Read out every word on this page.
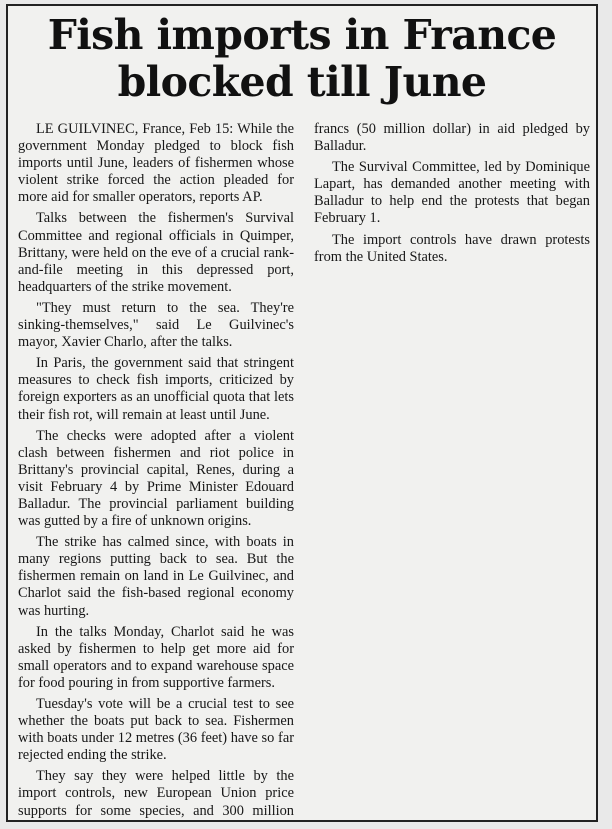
Fish imports in France
blocked till June

LE GUILVINEC, France, Feb 15: While the government Monday pledged to block fish imports until June, leaders of fishermen whose violent strike forced the action pleaded for more aid for smaller operators, reports AP.

Talks between the fishermen's Survival Committee and regional officials in Quimper, Brittany, were held on the eve of a crucial rank-and-file meeting in this depressed port, headquarters of the strike movement.

"They must return to the sea. They're sinking-themselves," said Le Guilvinec's mayor, Xavier Charlo, after the talks.

In Paris, the government said that stringent measures to check fish imports, criticized by foreign exporters as an unofficial quota that lets their fish rot, will remain at least until June.

The checks were adopted after a violent clash between fishermen and riot police in Brittany's provincial capital, Renes, during a visit February 4 by Prime Minister Edouard Balladur. The provincial parliament building was gutted by a fire of unknown origins.

The strike has calmed since, with boats in many regions putting back to sea. But the fishermen remain on land in Le Guilvinec, and Charlot said the fish-based regional economy was hurting.

In the talks Monday, Charlot said he was asked by fishermen to help get more aid for small operators and to expand warehouse space for food pouring in from supportive farmers.

Tuesday's vote will be a crucial test to see whether the boats put back to sea. Fishermen with boats under 12 metres (36 feet) have so far rejected ending the strike.

They say they were helped little by the import controls, new European Union price supports for some species, and 300 million francs (50 million dollar) in aid pledged by Balladur.

The Survival Committee, led by Dominique Lapart, has demanded another meeting with Balladur to help end the protests that began February 1.

The import controls have drawn protests from the United States.
